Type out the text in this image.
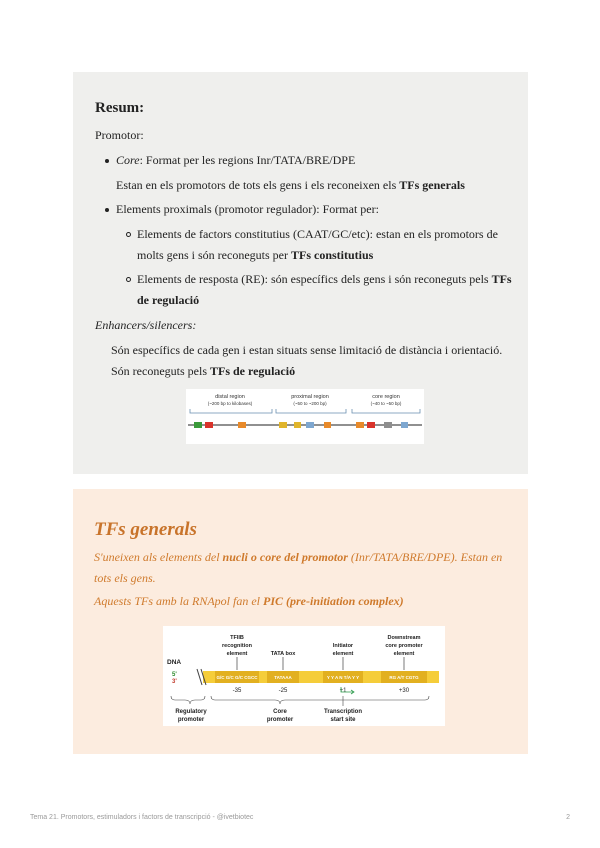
Resum:

Promotor:

Core: Format per les regions Inr/TATA/BRE/DPE

Estan en els promotors de tots els gens i els reconeixen els TFs generals

Elements proximals (promotor regulador): Format per:

Elements de factors constitutius (CAAT/GC/etc): estan en els promotors de

molts gens i són reconeguts per TFs constitutius

Elements de resposta (RE): són específics dels gens i són reconeguts pels TFs

de regulació

Enhancers/silencers:

Són específics de cada gen i estan situats sense limitació de distància i orientació.

Són reconeguts pels TFs de regulació

distal region
(~200 bp to kilobases)
proximal region
(~50 to ~200 bp)
core region
(~40 to ~50 bp)
TFs generals

S'uneixen als elements del nucli o core del promotor (Inr/TATA/BRE/DPE). Estan en

tots els gens.

Aquests TFs amb la RNApol fan el PIC (pre-initiation complex)

DNA
5'
3'
TFIIB
recognition
element	TATA box
Initiator
element
Downstream
core promoter
element
G/C G/C G/C CGCC	TATAAA	Y Y A N T/A Y Y	RG A/T CGTG
-35	-25	+1	+30
Regulatory
promoter
Core
promoter
Transcription
start site
Tema 21. Promotors, estimuladors i factors de transcripció - @ivetbiotec	2
